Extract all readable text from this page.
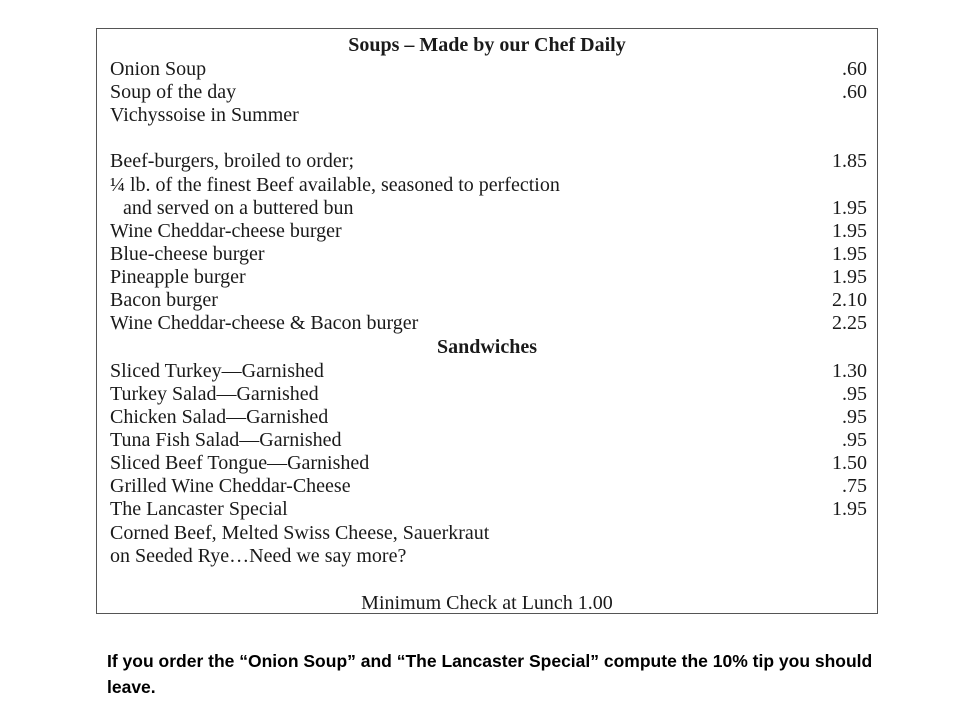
Soups – Made by our Chef Daily
Onion Soup	.60
Soup of the day	.60
Vichyssoise in Summer
Beef-burgers, broiled to order;	1.85
¼ lb. of the finest Beef available, seasoned to perfection
and served on a buttered bun	1.95
Wine Cheddar-cheese burger	1.95
Blue-cheese burger	1.95
Pineapple burger	1.95
Bacon burger	2.10
Wine Cheddar-cheese & Bacon burger	2.25
Sandwiches
Sliced Turkey—Garnished	1.30
Turkey Salad—Garnished	.95
Chicken Salad—Garnished	.95
Tuna Fish Salad—Garnished	.95
Sliced Beef Tongue—Garnished	1.50
Grilled Wine Cheddar-Cheese	.75
The Lancaster Special	1.95
Corned Beef, Melted Swiss Cheese, Sauerkraut
on Seeded Rye…Need we say more?
Minimum Check at Lunch 1.00
If you order the “Onion Soup” and “The Lancaster Special” compute the 10% tip you should leave.
